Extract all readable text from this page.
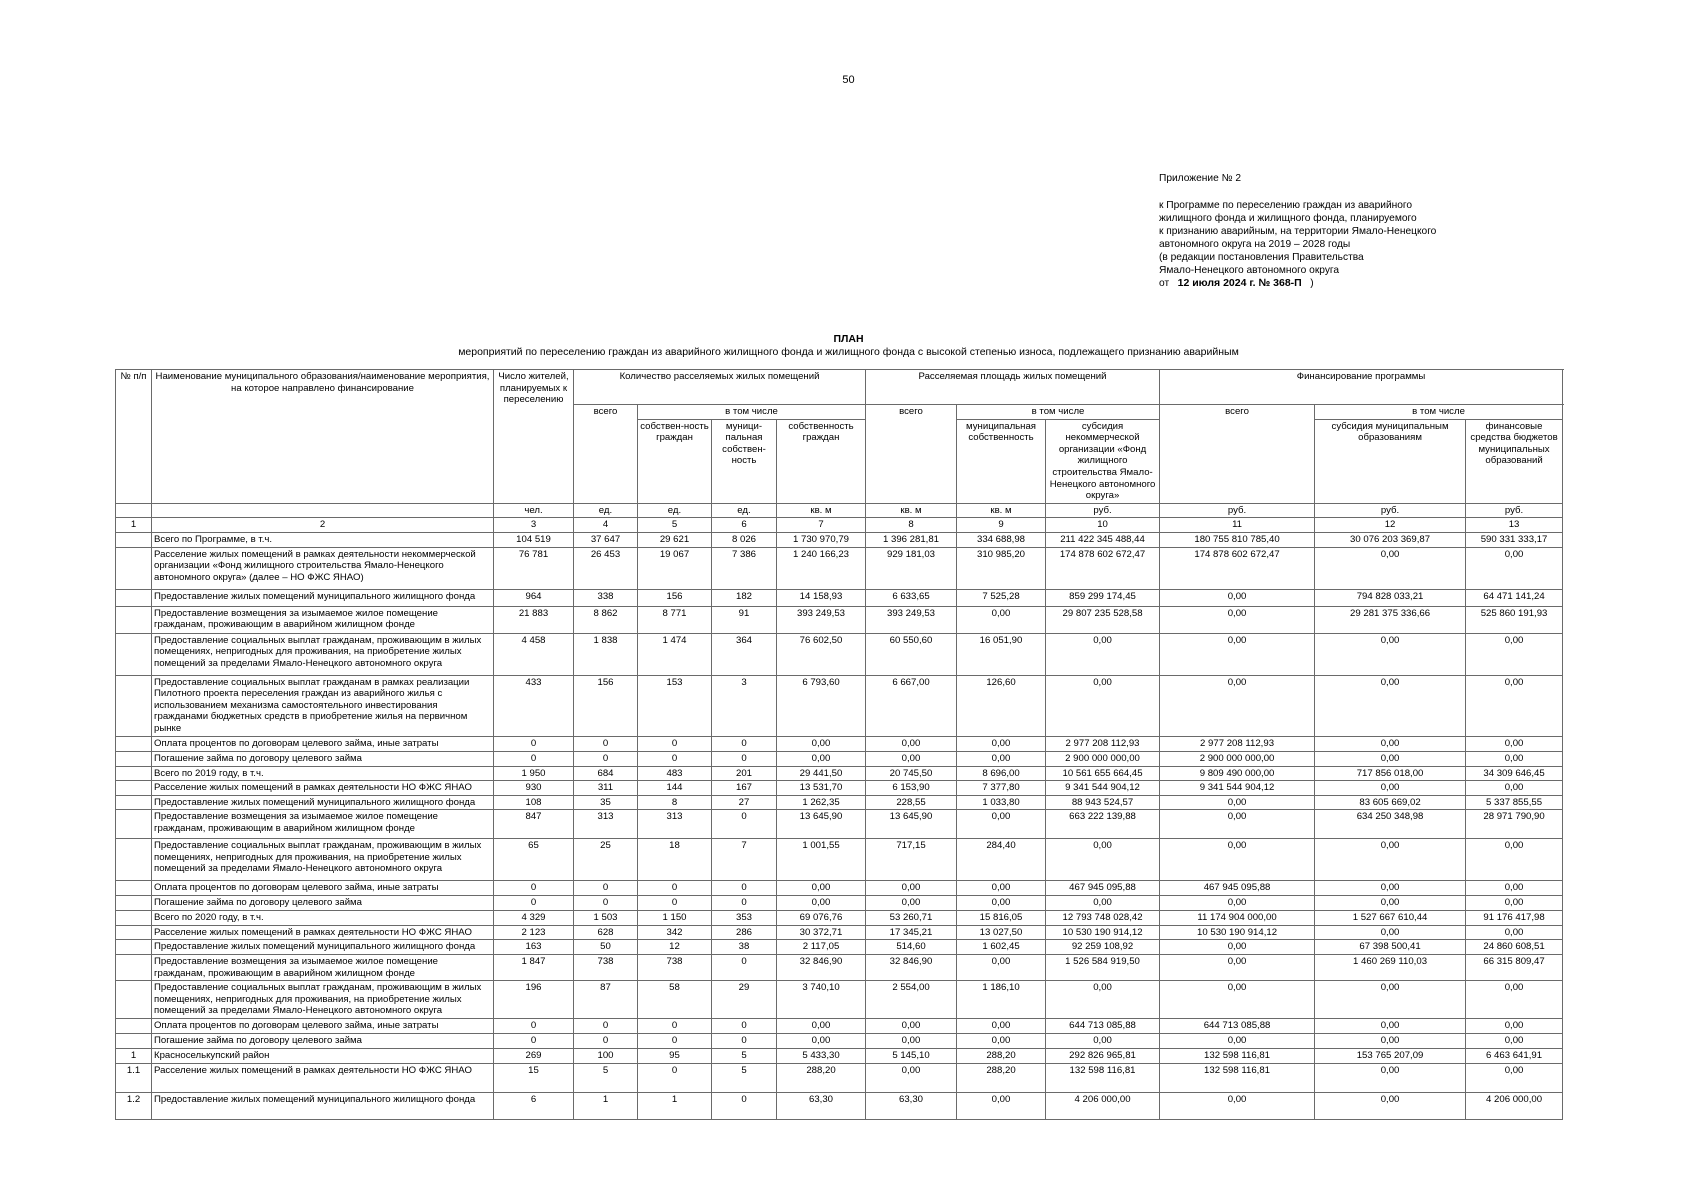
50
Приложение № 2
к Программе по переселению граждан из аварийного
жилищного фонда и жилищного фонда, планируемого
к признанию аварийным, на территории Ямало-Ненецкого
автономного округа на 2019 – 2028 годы
(в редакции постановления Правительства
Ямало-Ненецкого автономного округа
от 12 июля 2024 г. № 368-П )
ПЛАН
мероприятий по переселению граждан из аварийного жилищного фонда и жилищного фонда с высокой степенью износа, подлежащего признанию аварийным
№ п/п	Наименование муниципального образования/наименование мероприятия, на которое направлено финансирование	Число жителей, планируемых к переселению	Количество расселяемых жилых помещений				Расселяемая площадь жилых помещений			Финансирование программы		
			всего	в том числе			всего	в том числе		всего	в том числе	
				собствен-ность граждан	муници-пальная собствен-ность	собственность граждан		муниципальная собственность	субсидия некоммерческой организации «Фонд жилищного строительства Ямало-Ненецкого автономного округа»		субсидия муниципальным образованиям	финансовые средства бюджетов муниципальных образований
		чел.	ед.	ед.	ед.	кв. м	кв. м	кв. м	руб.	руб.	руб.	руб.
1	2	3	4	5	6	7	8	9	10	11	12	13
	Всего по Программе, в т.ч.	104 519	37 647	29 621	8 026	1 730 970,79	1 396 281,81	334 688,98	211 422 345 488,44	180 755 810 785,40	30 076 203 369,87	590 331 333,17
	Расселение жилых помещений в рамках деятельности некоммерческой организации «Фонд жилищного строительства Ямало-Ненецкого автономного округа» (далее – НО ФЖС ЯНАО)	76 781	26 453	19 067	7 386	1 240 166,23	929 181,03	310 985,20	174 878 602 672,47	174 878 602 672,47	0,00	0,00
	Предоставление жилых помещений муниципального жилищного фонда	964	338	156	182	14 158,93	6 633,65	7 525,28	859 299 174,45	0,00	794 828 033,21	64 471 141,24
	Предоставление возмещения за изымаемое жилое помещение гражданам, проживающим в аварийном жилищном фонде	21 883	8 862	8 771	91	393 249,53	393 249,53	0,00	29 807 235 528,58	0,00	29 281 375 336,66	525 860 191,93
	Предоставление социальных выплат гражданам, проживающим в жилых помещениях, непригодных для проживания, на приобретение жилых помещений за пределами Ямало-Ненецкого автономного округа	4 458	1 838	1 474	364	76 602,50	60 550,60	16 051,90	0,00	0,00	0,00	0,00
	Предоставление социальных выплат гражданам в рамках реализации Пилотного проекта переселения граждан из аварийного жилья с использованием механизма самостоятельного инвестирования гражданами бюджетных средств в приобретение жилья на первичном рынке	433	156	153	3	6 793,60	6 667,00	126,60	0,00	0,00	0,00	0,00
	Оплата процентов по договорам целевого займа, иные затраты	0	0	0	0	0,00	0,00	0,00	2 977 208 112,93	2 977 208 112,93	0,00	0,00
	Погашение займа по договору целевого займа	0	0	0	0	0,00	0,00	0,00	2 900 000 000,00	2 900 000 000,00	0,00	0,00
	Всего по 2019 году, в т.ч.	1 950	684	483	201	29 441,50	20 745,50	8 696,00	10 561 655 664,45	9 809 490 000,00	717 856 018,00	34 309 646,45
	Расселение жилых помещений в рамках деятельности НО ФЖС ЯНАО	930	311	144	167	13 531,70	6 153,90	7 377,80	9 341 544 904,12	9 341 544 904,12	0,00	0,00
	Предоставление жилых помещений муниципального жилищного фонда	108	35	8	27	1 262,35	228,55	1 033,80	88 943 524,57	0,00	83 605 669,02	5 337 855,55
	Предоставление возмещения за изымаемое жилое помещение гражданам, проживающим в аварийном жилищном фонде	847	313	313	0	13 645,90	13 645,90	0,00	663 222 139,88	0,00	634 250 348,98	28 971 790,90
	Предоставление социальных выплат гражданам, проживающим в жилых помещениях, непригодных для проживания, на приобретение жилых помещений за пределами Ямало-Ненецкого автономного округа	65	25	18	7	1 001,55	717,15	284,40	0,00	0,00	0,00	0,00
	Оплата процентов по договорам целевого займа, иные затраты	0	0	0	0	0,00	0,00	0,00	467 945 095,88	467 945 095,88	0,00	0,00
	Погашение займа по договору целевого займа	0	0	0	0	0,00	0,00	0,00	0,00	0,00	0,00	0,00
	Всего по 2020 году, в т.ч.	4 329	1 503	1 150	353	69 076,76	53 260,71	15 816,05	12 793 748 028,42	11 174 904 000,00	1 527 667 610,44	91 176 417,98
	Расселение жилых помещений в рамках деятельности НО ФЖС ЯНАО	2 123	628	342	286	30 372,71	17 345,21	13 027,50	10 530 190 914,12	10 530 190 914,12	0,00	0,00
	Предоставление жилых помещений муниципального жилищного фонда	163	50	12	38	2 117,05	514,60	1 602,45	92 259 108,92	0,00	67 398 500,41	24 860 608,51
	Предоставление возмещения за изымаемое жилое помещение гражданам, проживающим в аварийном жилищном фонде	1 847	738	738	0	32 846,90	32 846,90	0,00	1 526 584 919,50	0,00	1 460 269 110,03	66 315 809,47
	Предоставление социальных выплат гражданам, проживающим в жилых помещениях, непригодных для проживания, на приобретение жилых помещений за пределами Ямало-Ненецкого автономного округа	196	87	58	29	3 740,10	2 554,00	1 186,10	0,00	0,00	0,00	0,00
	Оплата процентов по договорам целевого займа, иные затраты	0	0	0	0	0,00	0,00	0,00	644 713 085,88	644 713 085,88	0,00	0,00
	Погашение займа по договору целевого займа	0	0	0	0	0,00	0,00	0,00	0,00	0,00	0,00	0,00
1	Красноселькупский район	269	100	95	5	5 433,30	5 145,10	288,20	292 826 965,81	132 598 116,81	153 765 207,09	6 463 641,91
1.1	Расселение жилых помещений в рамках деятельности НО ФЖС ЯНАО	15	5	0	5	288,20	0,00	288,20	132 598 116,81	132 598 116,81	0,00	0,00
1.2	Предоставление жилых помещений муниципального жилищного фонда	6	1	1	0	63,30	63,30	0,00	4 206 000,00	0,00	0,00	4 206 000,00
